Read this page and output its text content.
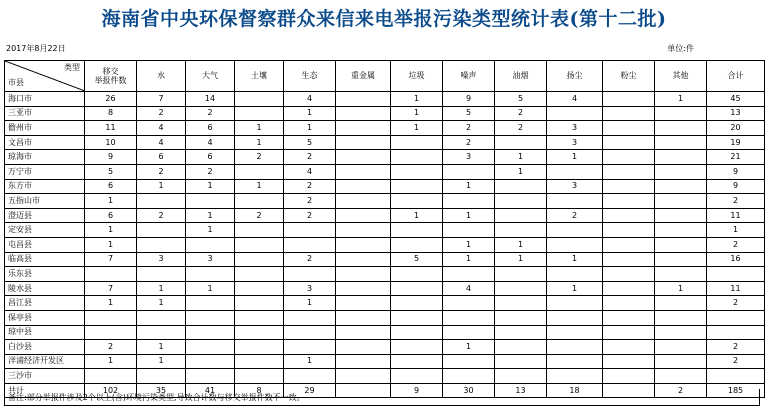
海南省中央环保督察群众来信来电举报污染类型统计表(第十二批)
2017年8月22日	单位:件
类型
市县	移交
举报件数	水	大气	土壤	生态	重金属	垃圾	噪声	油烟	扬尘	粉尘	其他	合计
海口市	26	7	14		4		1	9	5	4		1	45
三亚市	8	2	2		1		1	5	2				13
儋州市	11	4	6	1	1		1	2	2	3			20
文昌市	10	4	4	1	5			2		3			19
琼海市	9	6	6	2	2			3	1	1			21
万宁市	5	2	2		4				1				9
东方市	6	1	1	1	2			1		3			9
五指山市	1				2								2
澄迈县	6	2	1	2	2		1	1		2			11
定安县	1		1										1
屯昌县	1							1	1				2
临高县	7	3	3		2		5	1	1	1			16
乐东县													
陵水县	7	1	1		3			4		1		1	11
昌江县	1	1			1								2
保亭县													
琼中县													
白沙县	2	1						1					2
洋浦经济开发区	1	1			1								2
三沙市													
共计	102	35	41	8	29		9	30	13	18		2	185
备注:部分举报件涉及2个以上(含)环境污染类型,导致合计数与移交举报件数不一致。
